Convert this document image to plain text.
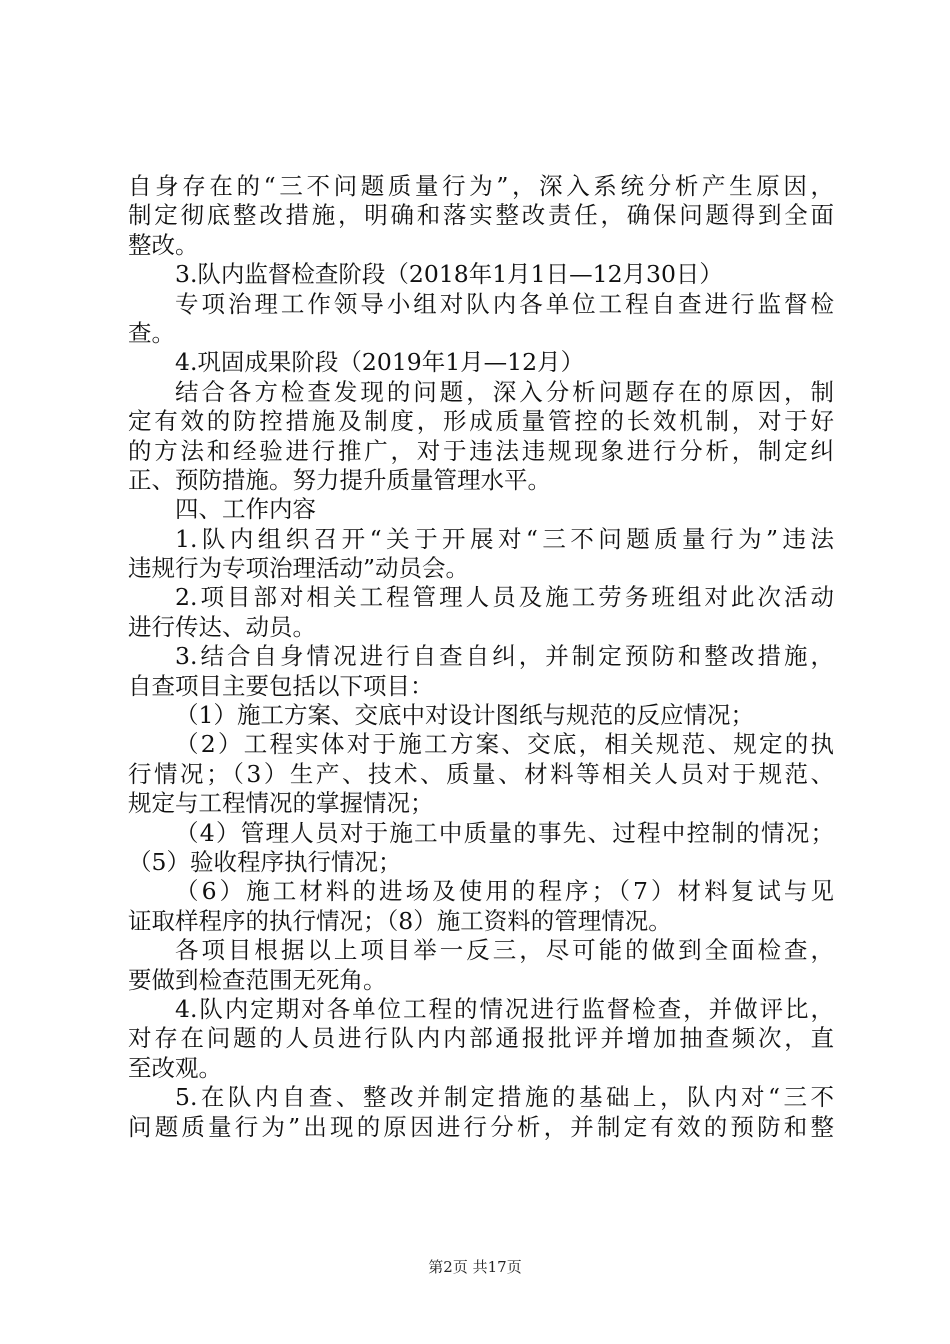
自身存在的“三不问题质量行为”，深入系统分析产生原因，
制定彻底整改措施，明确和落实整改责任，确保问题得到全面
整改。
3.队内监督检查阶段（2018年1月1日—12月30日）
专项治理工作领导小组对队内各单位工程自查进行监督检
查。
4.巩固成果阶段（2019年1月—12月）
结合各方检查发现的问题，深入分析问题存在的原因，制
定有效的防控措施及制度，形成质量管控的长效机制，对于好
的方法和经验进行推广，对于违法违规现象进行分析，制定纠
正、预防措施。努力提升质量管理水平。
四、工作内容
1.队内组织召开“关于开展对“三不问题质量行为”违法
违规行为专项治理活动”动员会。
2.项目部对相关工程管理人员及施工劳务班组对此次活动
进行传达、动员。
3.结合自身情况进行自查自纠，并制定预防和整改措施，
自查项目主要包括以下项目：
（1）施工方案、交底中对设计图纸与规范的反应情况；
（2）工程实体对于施工方案、交底，相关规范、规定的执
行情况；（3）生产、技术、质量、材料等相关人员对于规范、
规定与工程情况的掌握情况；
（4）管理人员对于施工中质量的事先、过程中控制的情况；
（5）验收程序执行情况；
（6）施工材料的进场及使用的程序；（7）材料复试与见
证取样程序的执行情况；（8）施工资料的管理情况。
各项目根据以上项目举一反三，尽可能的做到全面检查，
要做到检查范围无死角。
4.队内定期对各单位工程的情况进行监督检查，并做评比，
对存在问题的人员进行队内内部通报批评并增加抽查频次，直
至改观。
5.在队内自查、整改并制定措施的基础上，队内对“三不
问题质量行为”出现的原因进行分析，并制定有效的预防和整
第2页 共17页
